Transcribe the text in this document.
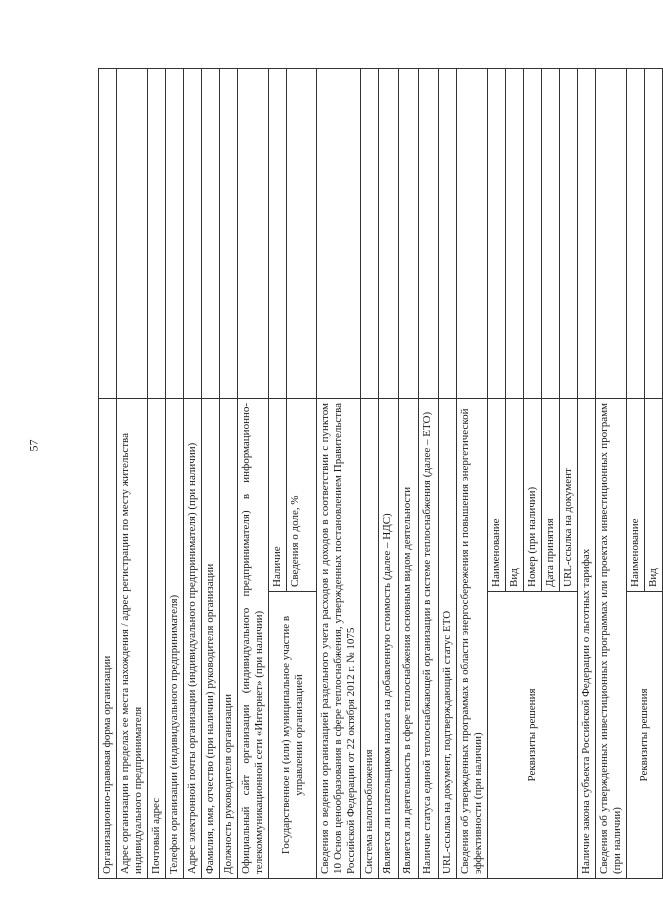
57
Организационно-правовая форма организации		
Адрес организации в пределах ее места нахождения / адрес регистрации по месту жительства индивидуального предпринимателя		
Почтовый адрес		
Телефон организации (индивидуального предпринимателя)		
Адрес электронной почты организации (индивидуального предпринимателя) (при наличии)		
Фамилия, имя, отчество (при наличии) руководителя организации		
Должность руководителя организации		
Официальный сайт организации (индивидуального предпринимателя) в информационно-телекоммуникационной сети «Интернет» (при наличии)		
Государственное и (или) муниципальное участие в управлении организацией	Наличие	
	Сведения о доле, %	
Сведения о ведении организацией раздельного учета расходов и доходов в соответствии с пунктом 10 Основ ценообразования в сфере теплоснабжения, утвержденных постановлением Правительства Российской Федерации от 22 октября 2012 г. № 1075		
Система налогообложения		
Является ли плательщиком налога на добавленную стоимость (далее – НДС)		
Является ли деятельность в сфере теплоснабжения основным видом деятельности		
Наличие статуса единой теплоснабжающей организации в системе теплоснабжения (далее – ЕТО)		
URL-ссылка на документ, подтверждающий статус ЕТО		
Сведения об утвержденных программах в области энергосбережения и повышения энергетической эффективности (при наличии)		
Реквизиты решения	Наименование	
	Вид	
	Номер (при наличии)	
	Дата принятия	
	URL-ссылка на документ	
Наличие закона субъекта Российской Федерации о льготных тарифах		
Сведения об утвержденных инвестиционных программах или проектах инвестиционных программ (при наличии)		
Реквизиты решения	Наименование	
	Вид	
